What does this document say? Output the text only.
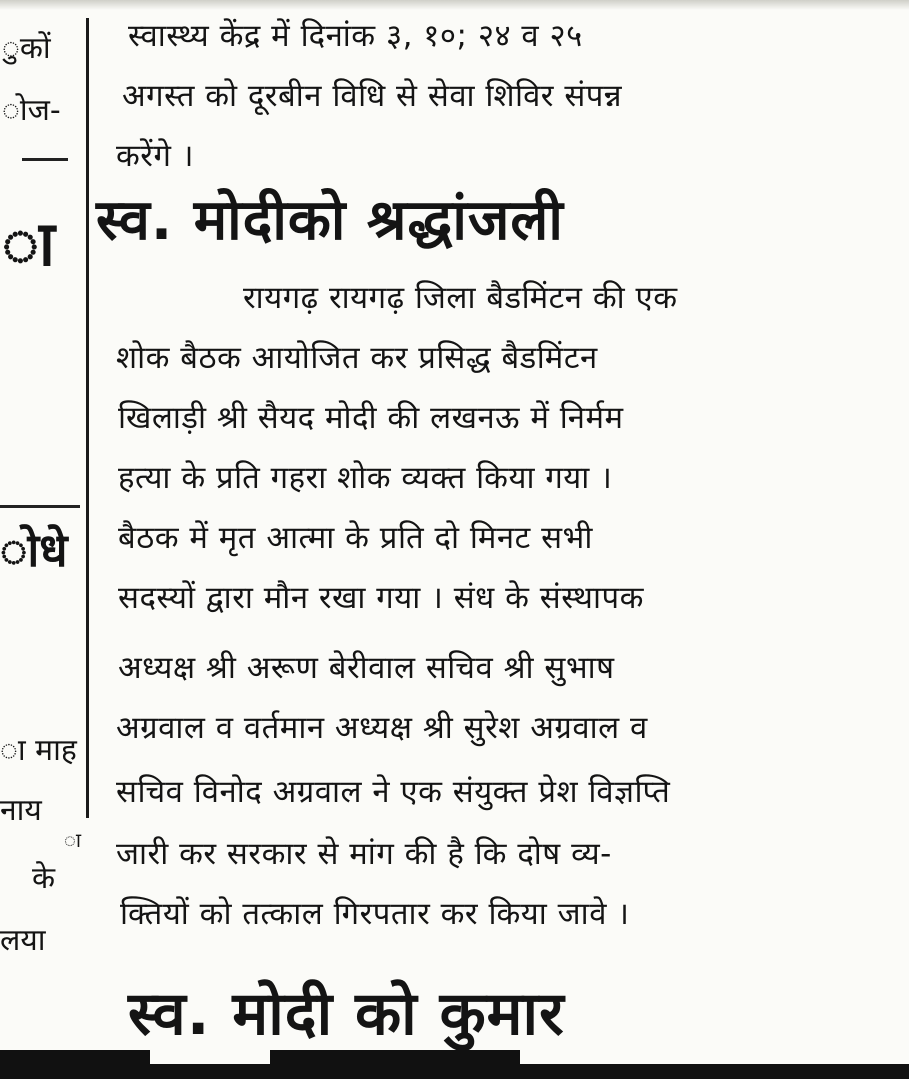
ुकों
ोज-
ा
ोधे
ा माह
नाय
ा
के
लया
स्वास्थ्य केंद्र में दिनांक ३, १०; २४ व २५
अगस्त को दूरबीन विधि से सेवा शिविर संपन्न
करेंगे ।
स्व. मोदीको श्रद्धांजली
रायगढ़ रायगढ़ जिला बैडमिंटन की एक
शोक बैठक आयोजित कर प्रसिद्ध बैडमिंटन
खिलाड़ी श्री सैयद मोदी की लखनऊ में निर्मम
हत्या के प्रति गहरा शोक व्यक्त किया गया ।
बैठक में मृत आत्मा के प्रति दो मिनट सभी
सदस्यों द्वारा मौन रखा गया । संध के संस्थापक
अध्यक्ष श्री अरूण बेरीवाल सचिव श्री सुभाष
अग्रवाल व वर्तमान अध्यक्ष श्री सुरेश अग्रवाल व
सचिव विनोद अग्रवाल ने एक संयुक्त प्रेश विज्ञप्ति
जारी कर सरकार से मांग की है कि दोष व्य-
क्तियों को तत्काल गिरपतार कर किया जावे ।
स्व. मोदी को कुमार
